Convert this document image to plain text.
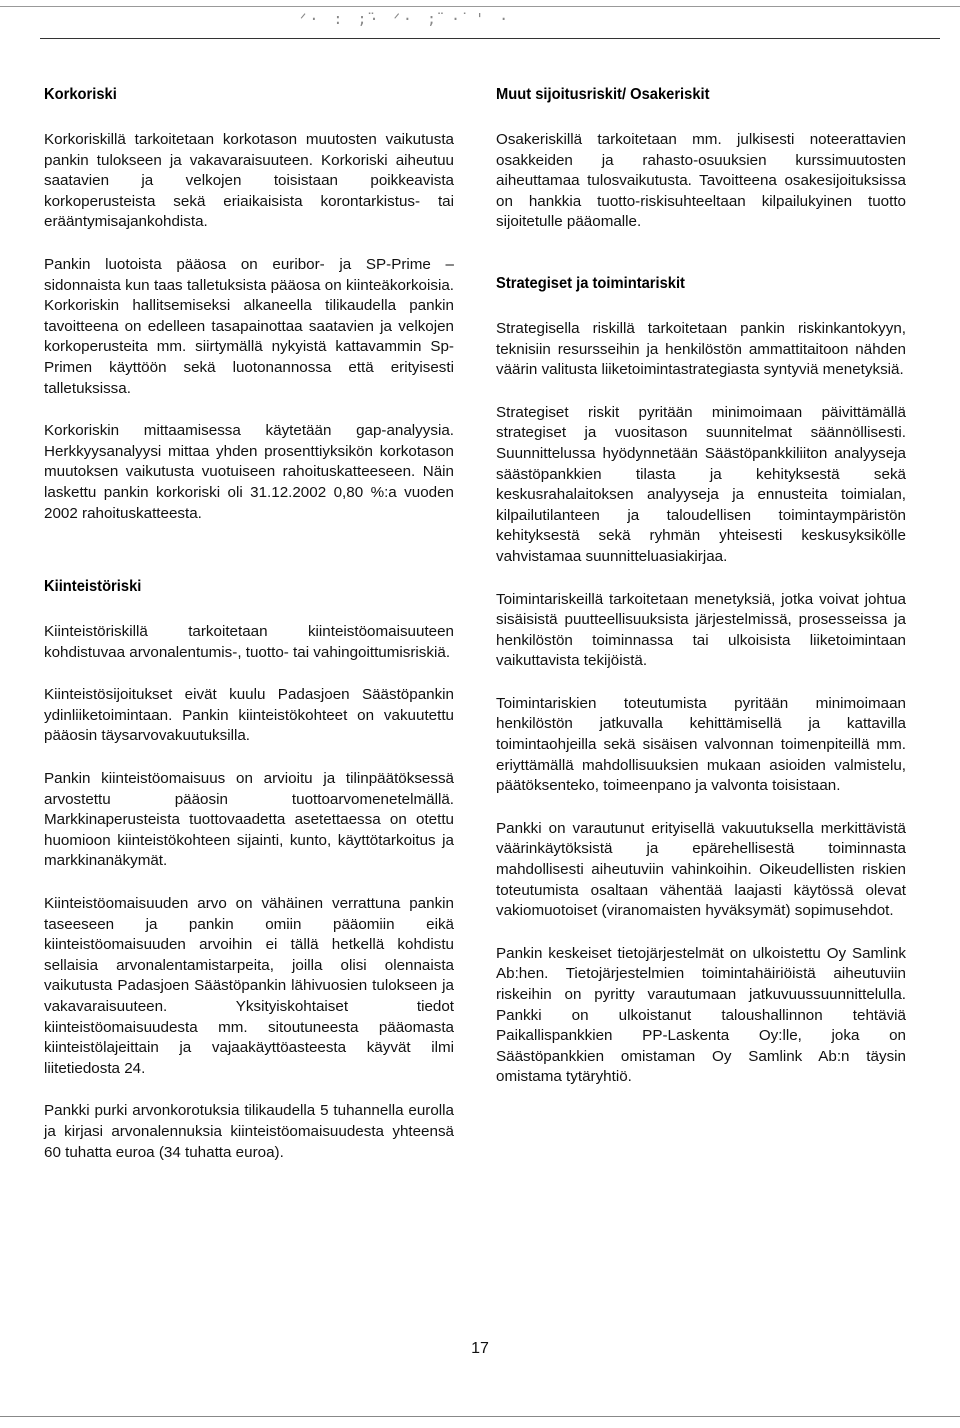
ᐟ· : ;̈· ᐟ· ;̈ ·̇ ' ·
Korkoriski

Korkoriskillä tarkoitetaan korkotason muutosten vaikutusta pankin tulokseen ja vakavaraisuuteen. Korkoriski aiheutuu saatavien ja velkojen toisistaan poikkeavista korkoperusteista sekä eriaikaisista korontarkistus- tai erääntymisajankohdista.

Pankin luotoista pääosa on euribor- ja SP-Prime –sidonnaista kun taas talletuksista pääosa on kiinteäkorkoisia. Korkoriskin hallitsemiseksi alkaneella tilikaudella pankin tavoitteena on edelleen tasapainottaa saatavien ja velkojen korkoperusteita mm. siirtymällä nykyistä kattavammin Sp-Primen käyttöön sekä luotonannossa että erityisesti talletuksissa.

Korkoriskin mittaamisessa käytetään gap-analyysia. Herkkyysanalyysi mittaa yhden prosenttiyksikön korkotason muutoksen vaikutusta vuotuiseen rahoituskatteeseen. Näin laskettu pankin korkoriski oli 31.12.2002 0,80 %:a vuoden 2002 rahoituskatteesta.

Kiinteistöriski

Kiinteistöriskillä tarkoitetaan kiinteistöomaisuuteen kohdistuvaa arvonalentumis-, tuotto- tai vahingoittumisriskiä.

Kiinteistösijoitukset eivät kuulu Padasjoen Säästöpankin ydinliiketoimintaan. Pankin kiinteistökohteet on vakuutettu pääosin täysarvovakuutuksilla.

Pankin kiinteistöomaisuus on arvioitu ja tilinpäätöksessä arvostettu pääosin tuottoarvomenetelmällä. Markkinaperusteista tuottovaadetta asetettaessa on otettu huomioon kiinteistökohteen sijainti, kunto, käyttötarkoitus ja markkinanäkymät.

Kiinteistöomaisuuden arvo on vähäinen verrattuna pankin taseeseen ja pankin omiin pääomiin eikä kiinteistöomaisuuden arvoihin ei tällä hetkellä kohdistu sellaisia arvonalentamistarpeita, joilla olisi olennaista vaikutusta Padasjoen Säästöpankin lähivuosien tulokseen ja vakavaraisuuteen. Yksityiskohtaiset tiedot kiinteistöomaisuudesta mm. sitoutuneesta pääomasta kiinteistölajeittain ja vajaakäyttöasteesta käyvät ilmi liitetiedosta 24.

Pankki purki arvonkorotuksia tilikaudella 5 tuhannella eurolla ja kirjasi arvonalennuksia kiinteistöomaisuudesta yhteensä 60 tuhatta euroa (34 tuhatta euroa).

Muut sijoitusriskit/ Osakeriskit

Osakeriskillä tarkoitetaan mm. julkisesti noteerattavien osakkeiden ja rahasto-osuuksien kurssimuutosten aiheuttamaa tulosvaikutusta. Tavoitteena osakesijoituksissa on hankkia tuotto-riskisuhteeltaan kilpailukyinen tuotto sijoitetulle pääomalle.

Strategiset ja toimintariskit

Strategisella riskillä tarkoitetaan pankin riskinkantokyyn, teknisiin resursseihin ja henkilöstön ammattitaitoon nähden väärin valitusta liiketoimintastrategiasta syntyviä menetyksiä.

Strategiset riskit pyritään minimoimaan päivittämällä strategiset ja vuositason suunnitelmat säännöllisesti. Suunnittelussa hyödynnetään Säästöpankkiliiton analyyseja säästöpankkien tilasta ja kehityksestä sekä keskusrahalaitoksen analyyseja ja ennusteita toimialan, kilpailutilanteen ja taloudellisen toimintaympäristön kehityksestä sekä ryhmän yhteisesti keskusyksikölle vahvistamaa suunnitteluasiakirjaa.

Toimintariskeillä tarkoitetaan menetyksiä, jotka voivat johtua sisäisistä puutteellisuuksista järjestelmissä, prosesseissa ja henkilöstön toiminnassa tai ulkoisista liiketoimintaan vaikuttavista tekijöistä.

Toimintariskien toteutumista pyritään minimoimaan henkilöstön jatkuvalla kehittämisellä ja kattavilla toimintaohjeilla sekä sisäisen valvonnan toimenpiteillä mm. eriyttämällä mahdollisuuksien mukaan asioiden valmistelu, päätöksenteko, toimeenpano ja valvonta toisistaan.

Pankki on varautunut erityisellä vakuutuksella merkittävistä väärinkäytöksistä ja epärehellisestä toiminnasta mahdollisesti aiheutuviin vahinkoihin. Oikeudellisten riskien toteutumista osaltaan vähentää laajasti käytössä olevat vakiomuotoiset (viranomaisten hyväksymät) sopimusehdot.

Pankin keskeiset tietojärjestelmät on ulkoistettu Oy Samlink Ab:hen. Tietojärjestelmien toimintahäiriöistä aiheutuviin riskeihin on pyritty varautumaan jatkuvuussuunnittelulla. Pankki on ulkoistanut taloushallinnon tehtäviä Paikallispankkien PP-Laskenta Oy:lle, joka on Säästöpankkien omistaman Oy Samlink Ab:n täysin omistama tytäryhtiö.

17
